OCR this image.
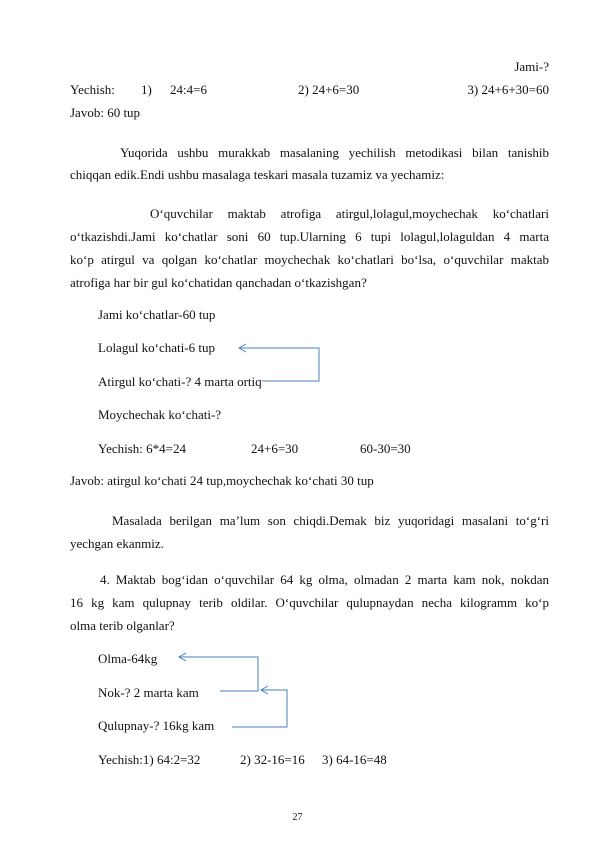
Jami-?
Yechish: 1) 24:4=6	2) 24+6=30	3) 24+6+30=60
Javob: 60 tup
Yuqorida ushbu murakkab masalaning yechilish metodikasi bilan tanishib
chiqqan edik.Endi ushbu masalaga teskari masala tuzamiz va yechamiz:
O‘quvchilar maktab atrofiga atirgul,lolagul,moychechak ko‘chatlari
o‘tkazishdi.Jami ko‘chatlar soni 60 tup.Ularning 6 tupi lolagul,lolaguldan 4 marta
ko‘p atirgul va qolgan ko‘chatlar moychechak ko‘chatlari bo‘lsa, o‘quvchilar maktab
atrofiga har bir gul ko‘chatidan qanchadan o‘tkazishgan?
Jami ko‘chatlar-60 tup
Lolagul ko‘chati-6 tup
Atirgul ko‘chati-? 4 marta ortiq
Moychechak ko‘chati-?
Yechish: 6*4=24	24+6=30	60-30=30
Javob: atirgul ko‘chati 24 tup,moychechak ko‘chati 30 tup
Masalada berilgan ma’lum son chiqdi.Demak biz yuqoridagi masalani to‘g‘ri
yechgan ekanmiz.
4. Maktab bog‘idan o‘quvchilar 64 kg olma, olmadan 2 marta kam nok, nokdan
16 kg kam qulupnay terib oldilar. O‘quvchilar qulupnaydan necha kilogramm ko‘p
olma terib olganlar?
Olma-64kg
Nok-? 2 marta kam
Qulupnay-? 16kg kam
Yechish:1) 64:2=32	2) 32-16=16 3) 64-16=48
27
